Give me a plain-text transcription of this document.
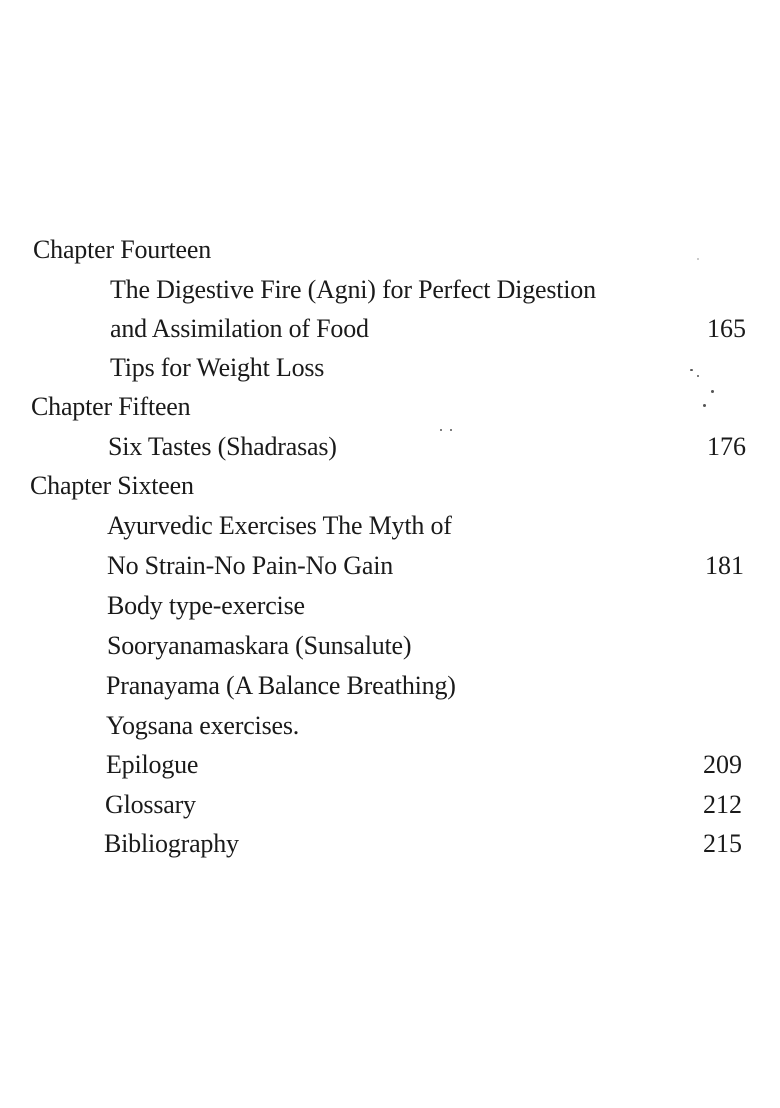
Chapter Fourteen
The Digestive Fire (Agni) for Perfect Digestion
and Assimilation of Food	165
Tips for Weight Loss
Chapter Fifteen
Six Tastes (Shadrasas)	176
Chapter Sixteen
Ayurvedic Exercises The Myth of
No Strain-No Pain-No Gain	181
Body type-exercise
Sooryanamaskara (Sunsalute)
Pranayama (A Balance Breathing)
Yogsana exercises.
Epilogue	209
Glossary	212
Bibliography	215
